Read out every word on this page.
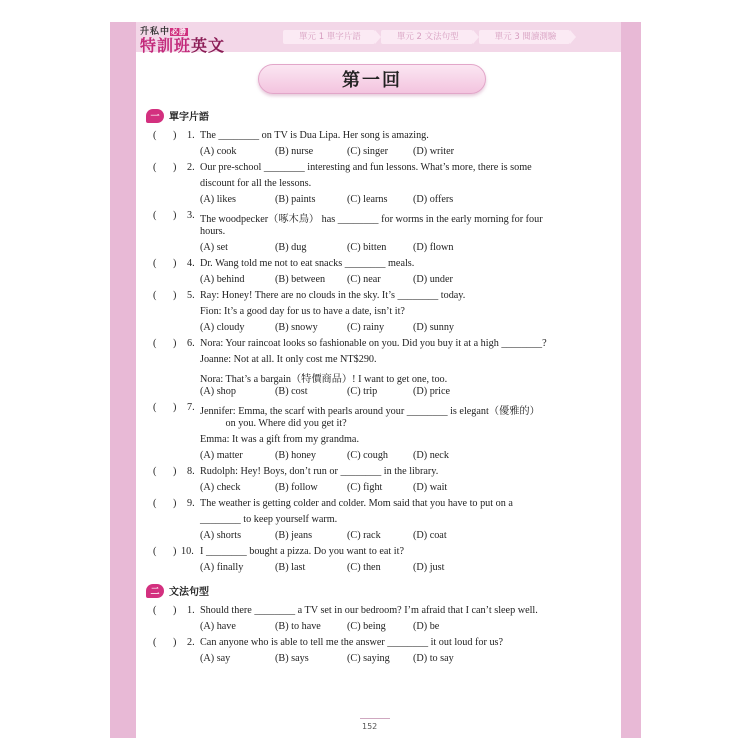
升私中必勝
特訓班英文	單元 1 單字片語	單元 2 文法句型	單元 3 閱讀測驗
第一回
一 單字片語
( ) 1. The ________ on TV is Dua Lipa. Her song is amazing.
(A) cook	(B) nurse	(C) singer (D) writer
( ) 2. Our pre-school ________ interesting and fun lessons. What’s more, there is some
discount for all the lessons.
(A) likes	(B) paints	(C) learns	(D) offers
( ) 3. The woodpecker（啄木鳥） has ________ for worms in the early morning for four
hours.
(A) set	(B) dug	(C) bitten	(D) flown
( ) 4. Dr. Wang told me not to eat snacks ________ meals.
(A) behind	(B) between (C) near	(D) under
( ) 5. Ray: Honey! There are no clouds in the sky. It’s ________ today.
Fion: It’s a good day for us to have a date, isn’t it?
(A) cloudy	(B) snowy	(C) rainy	(D) sunny
( ) 6. Nora: Your raincoat looks so fashionable on you. Did you buy it at a high ________?
Joanne: Not at all. It only cost me NT$290.
Nora: That’s a bargain（特價商品）! I want to get one, too.
(A) shop	(B) cost	(C) trip	(D) price
( ) 7. Jennifer: Emma, the scarf with pearls around your ________ is elegant（優雅的）
on you. Where did you get it?
Emma: It was a gift from my grandma.
(A) matter	(B) honey	(C) cough (D) neck
( ) 8. Rudolph: Hey! Boys, don’t run or ________ in the library.
(A) check	(B) follow	(C) fight	(D) wait
( ) 9. The weather is getting colder and colder. Mom said that you have to put on a
________ to keep yourself warm.
(A) shorts	(B) jeans	(C) rack	(D) coat
( ) 10. I ________ bought a pizza. Do you want to eat it?
(A) finally	(B) last	(C) then	(D) just
二 文法句型
( ) 1. Should there ________ a TV set in our bedroom? I’m afraid that I can’t sleep well.
(A) have	(B) to have	(C) being	(D) be
( ) 2. Can anyone who is able to tell me the answer ________ it out loud for us?
(A) say	(B) says	(C) saying (D) to say
152
